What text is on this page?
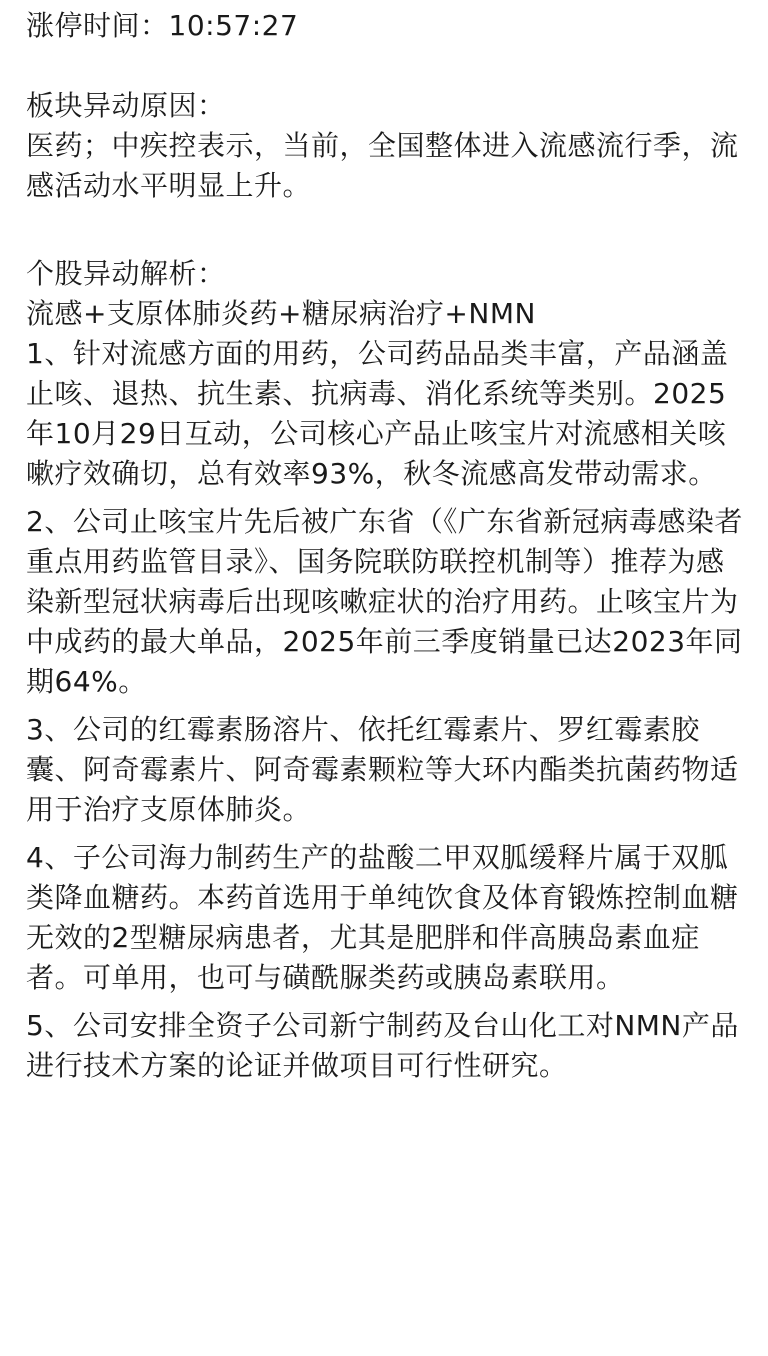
涨停时间：10:57:27
板块异动原因：
医药；中疾控表示，当前，全国整体进入流感流行季，流感活动水平明显上升。
个股异动解析：
流感+支原体肺炎药+糖尿病治疗+NMN
1、针对流感方面的用药，公司药品品类丰富，产品涵盖止咳、退热、抗生素、抗病毒、消化系统等类别。2025年10月29日互动，公司核心产品止咳宝片对流感相关咳嗽疗效确切，总有效率93%，秋冬流感高发带动需求。
2、公司止咳宝片先后被广东省（《广东省新冠病毒感染者重点用药监管目录》、国务院联防联控机制等）推荐为感染新型冠状病毒后出现咳嗽症状的治疗用药。止咳宝片为中成药的最大单品，2025年前三季度销量已达2023年同期64%。
3、公司的红霉素肠溶片、依托红霉素片、罗红霉素胶囊、阿奇霉素片、阿奇霉素颗粒等大环内酯类抗菌药物适用于治疗支原体肺炎。
4、子公司海力制药生产的盐酸二甲双胍缓释片属于双胍类降血糖药。本药首选用于单纯饮食及体育锻炼控制血糖无效的2型糖尿病患者，尤其是肥胖和伴高胰岛素血症者。可单用，也可与磺酰脲类药或胰岛素联用。
5、公司安排全资子公司新宁制药及台山化工对NMN产品进行技术方案的论证并做项目可行性研究。
